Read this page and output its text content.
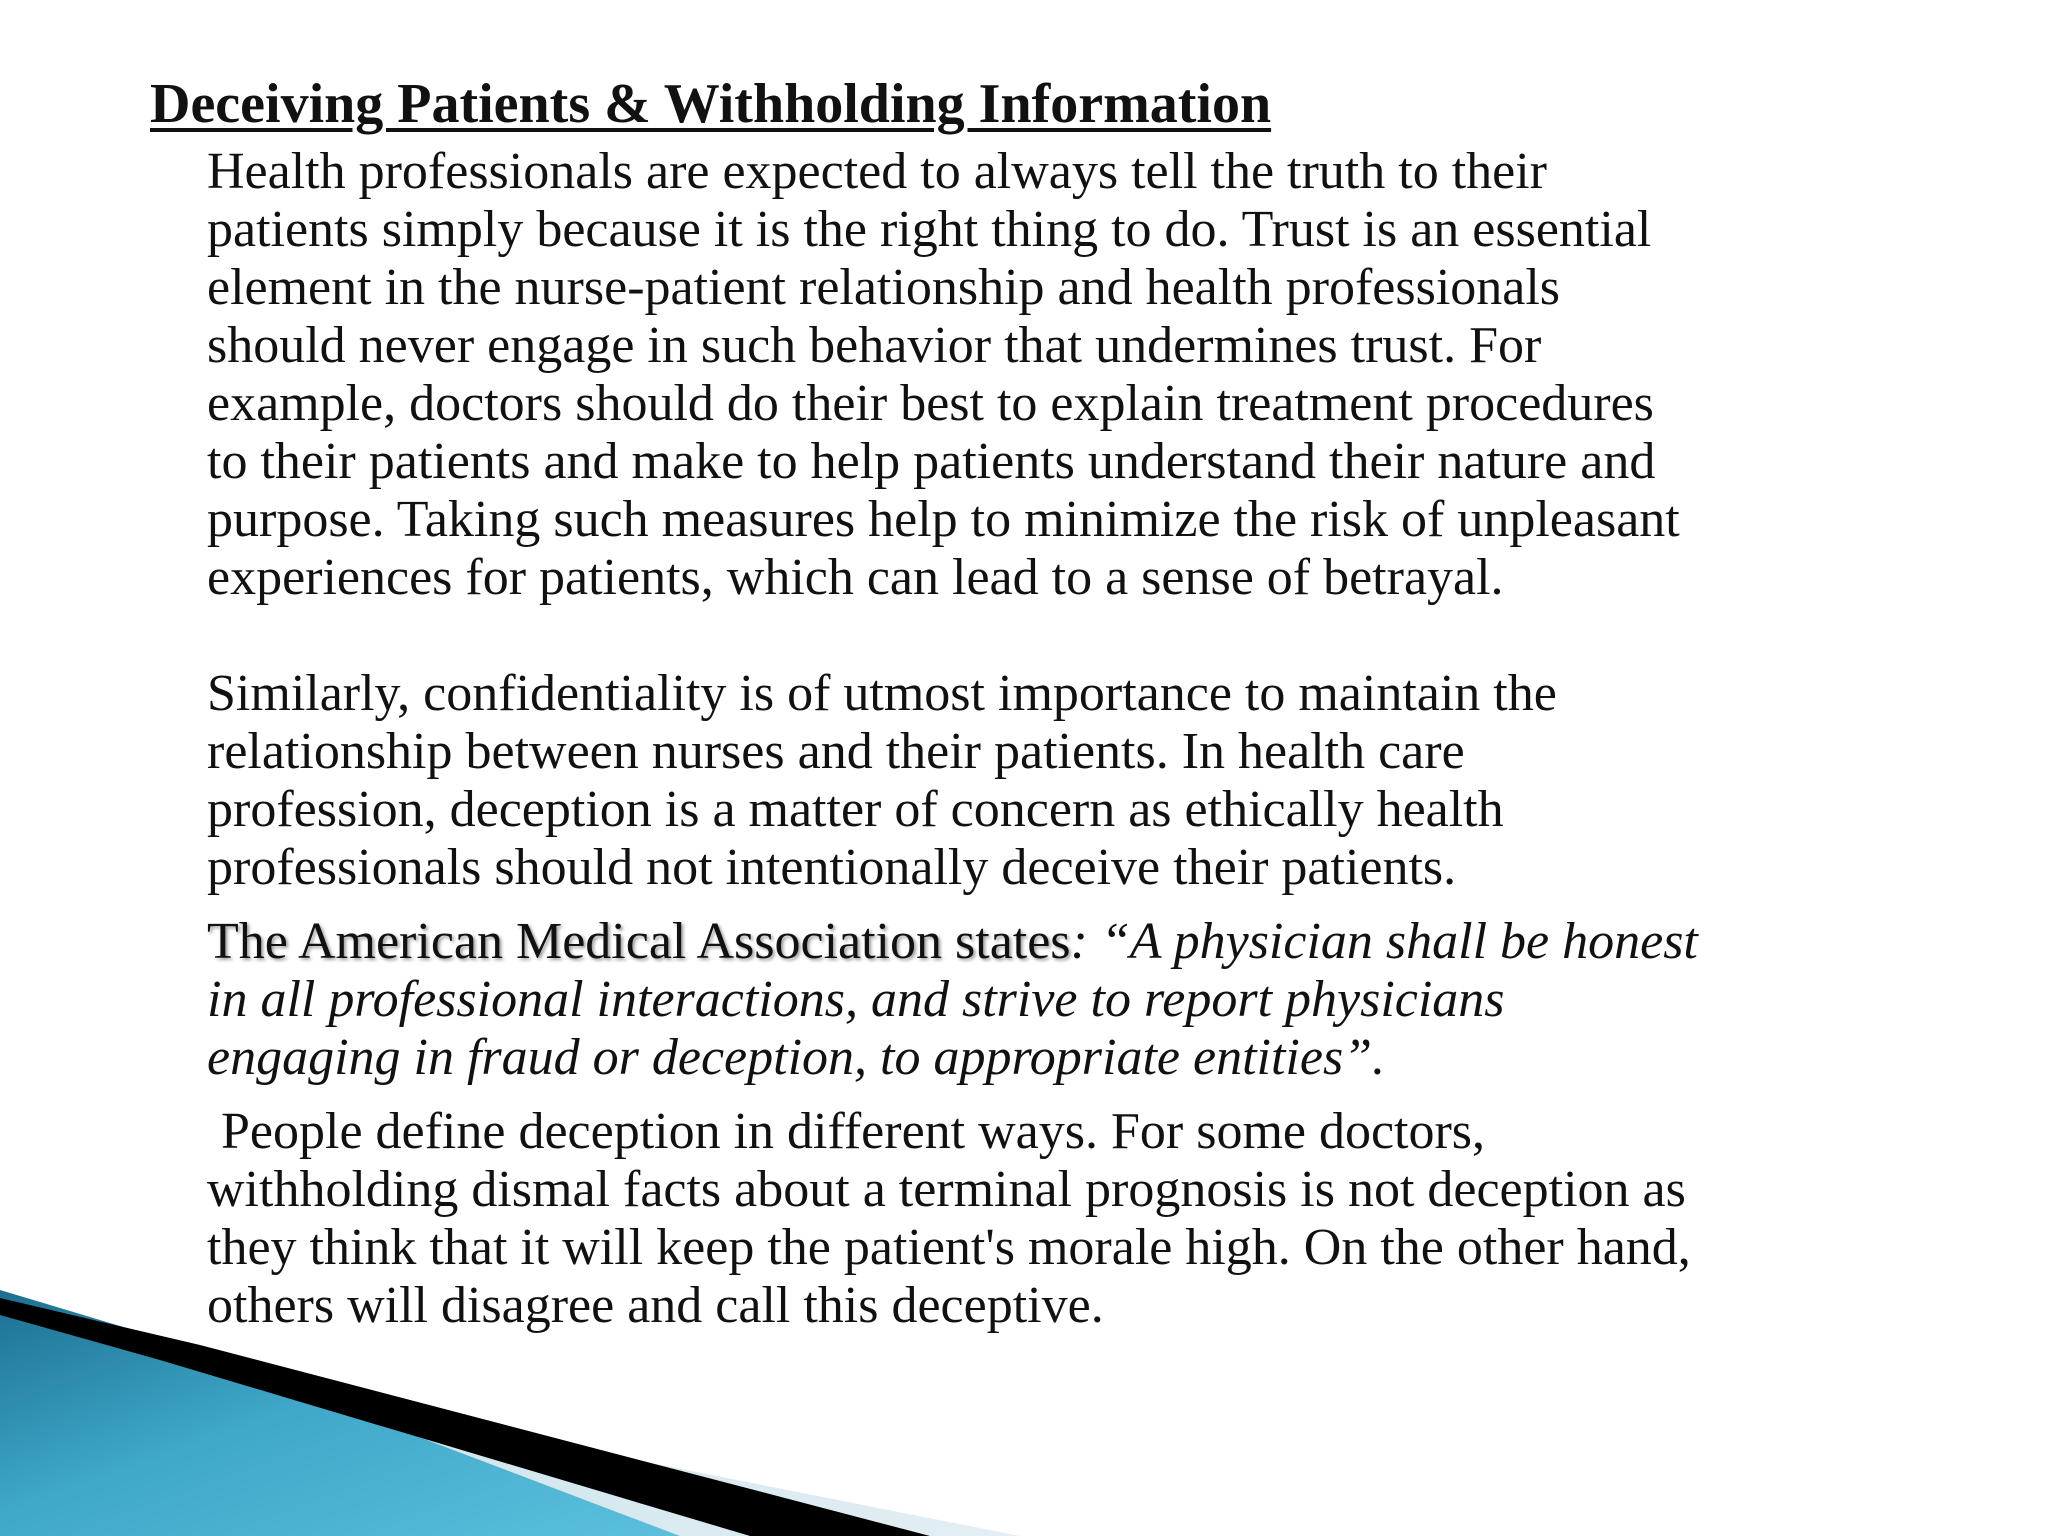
Deceiving Patients & Withholding Information

Health professionals are expected to always tell the truth to their
patients simply because it is the right thing to do. Trust is an essential
element in the nurse-patient relationship and health professionals
should never engage in such behavior that undermines trust. For
example, doctors should do their best to explain treatment procedures
to their patients and make to help patients understand their nature and
purpose. Taking such measures help to minimize the risk of unpleasant
experiences for patients, which can lead to a sense of betrayal.

Similarly, confidentiality is of utmost importance to maintain the
relationship between nurses and their patients. In health care
profession, deception is a matter of concern as ethically health
professionals should not intentionally deceive their patients.

The American Medical Association states: “A physician shall be honest
in all professional interactions, and strive to report physicians
engaging in fraud or deception, to appropriate entities”.

People define deception in different ways. For some doctors,
withholding dismal facts about a terminal prognosis is not deception as
they think that it will keep the patient's morale high. On the other hand,
others will disagree and call this deceptive.
